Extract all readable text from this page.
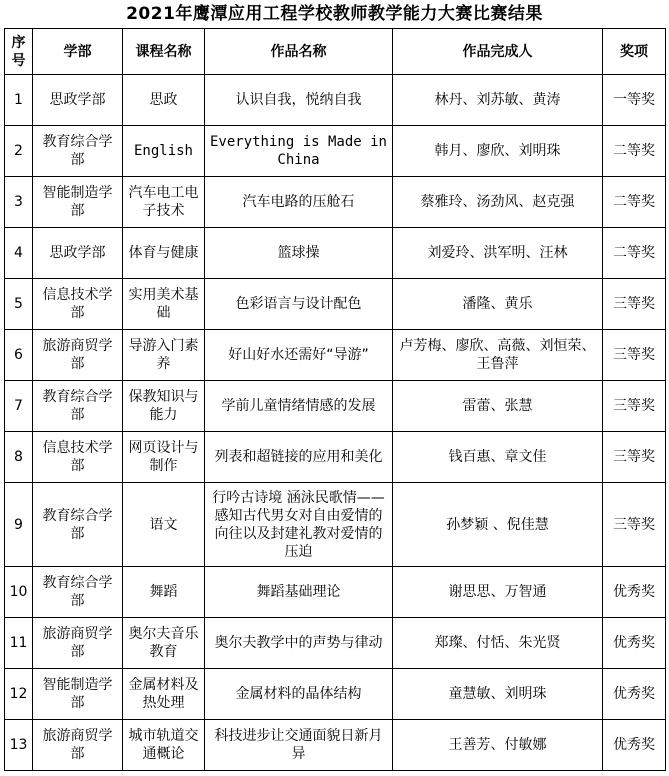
2021年鹰潭应用工程学校教师教学能力大赛比赛结果
序号	学部	课程名称	作品名称	作品完成人	奖项
1	思政学部	思政	认识自我，悦纳自我	林丹、刘苏敏、黄涛	一等奖
2	教育综合学部	English	Everything is Made in China	韩月、廖欣、刘明珠	二等奖
3	智能制造学部	汽车电工电子技术	汽车电路的压舱石	蔡雅玲、汤劲风、赵克强	二等奖
4	思政学部	体育与健康	篮球操	刘爱玲、洪军明、汪林	二等奖
5	信息技术学部	实用美术基础	色彩语言与设计配色	潘隆、黄乐	三等奖
6	旅游商贸学部	导游入门素养	好山好水还需好“导游”	卢芳梅、廖欣、高薇、刘恒荣、王鲁萍	三等奖
7	教育综合学部	保教知识与能力	学前儿童情绪情感的发展	雷蕾、张慧	三等奖
8	信息技术学部	网页设计与制作	列表和超链接的应用和美化	钱百惠、章文佳	三等奖
9	教育综合学部	语文	行吟古诗境 涵泳民歌情——感知古代男女对自由爱情的向往以及封建礼教对爱情的压迫	孙梦颖 、倪佳慧	三等奖
10	教育综合学部	舞蹈	舞蹈基础理论	谢思思、万智通	优秀奖
11	旅游商贸学部	奥尔夫音乐教育	奥尔夫教学中的声势与律动	郑璨、付恬、朱光贤	优秀奖
12	智能制造学部	金属材料及热处理	金属材料的晶体结构	童慧敏、刘明珠	优秀奖
13	旅游商贸学部	城市轨道交通概论	科技进步让交通面貌日新月异	王善芳、付敏娜	优秀奖
